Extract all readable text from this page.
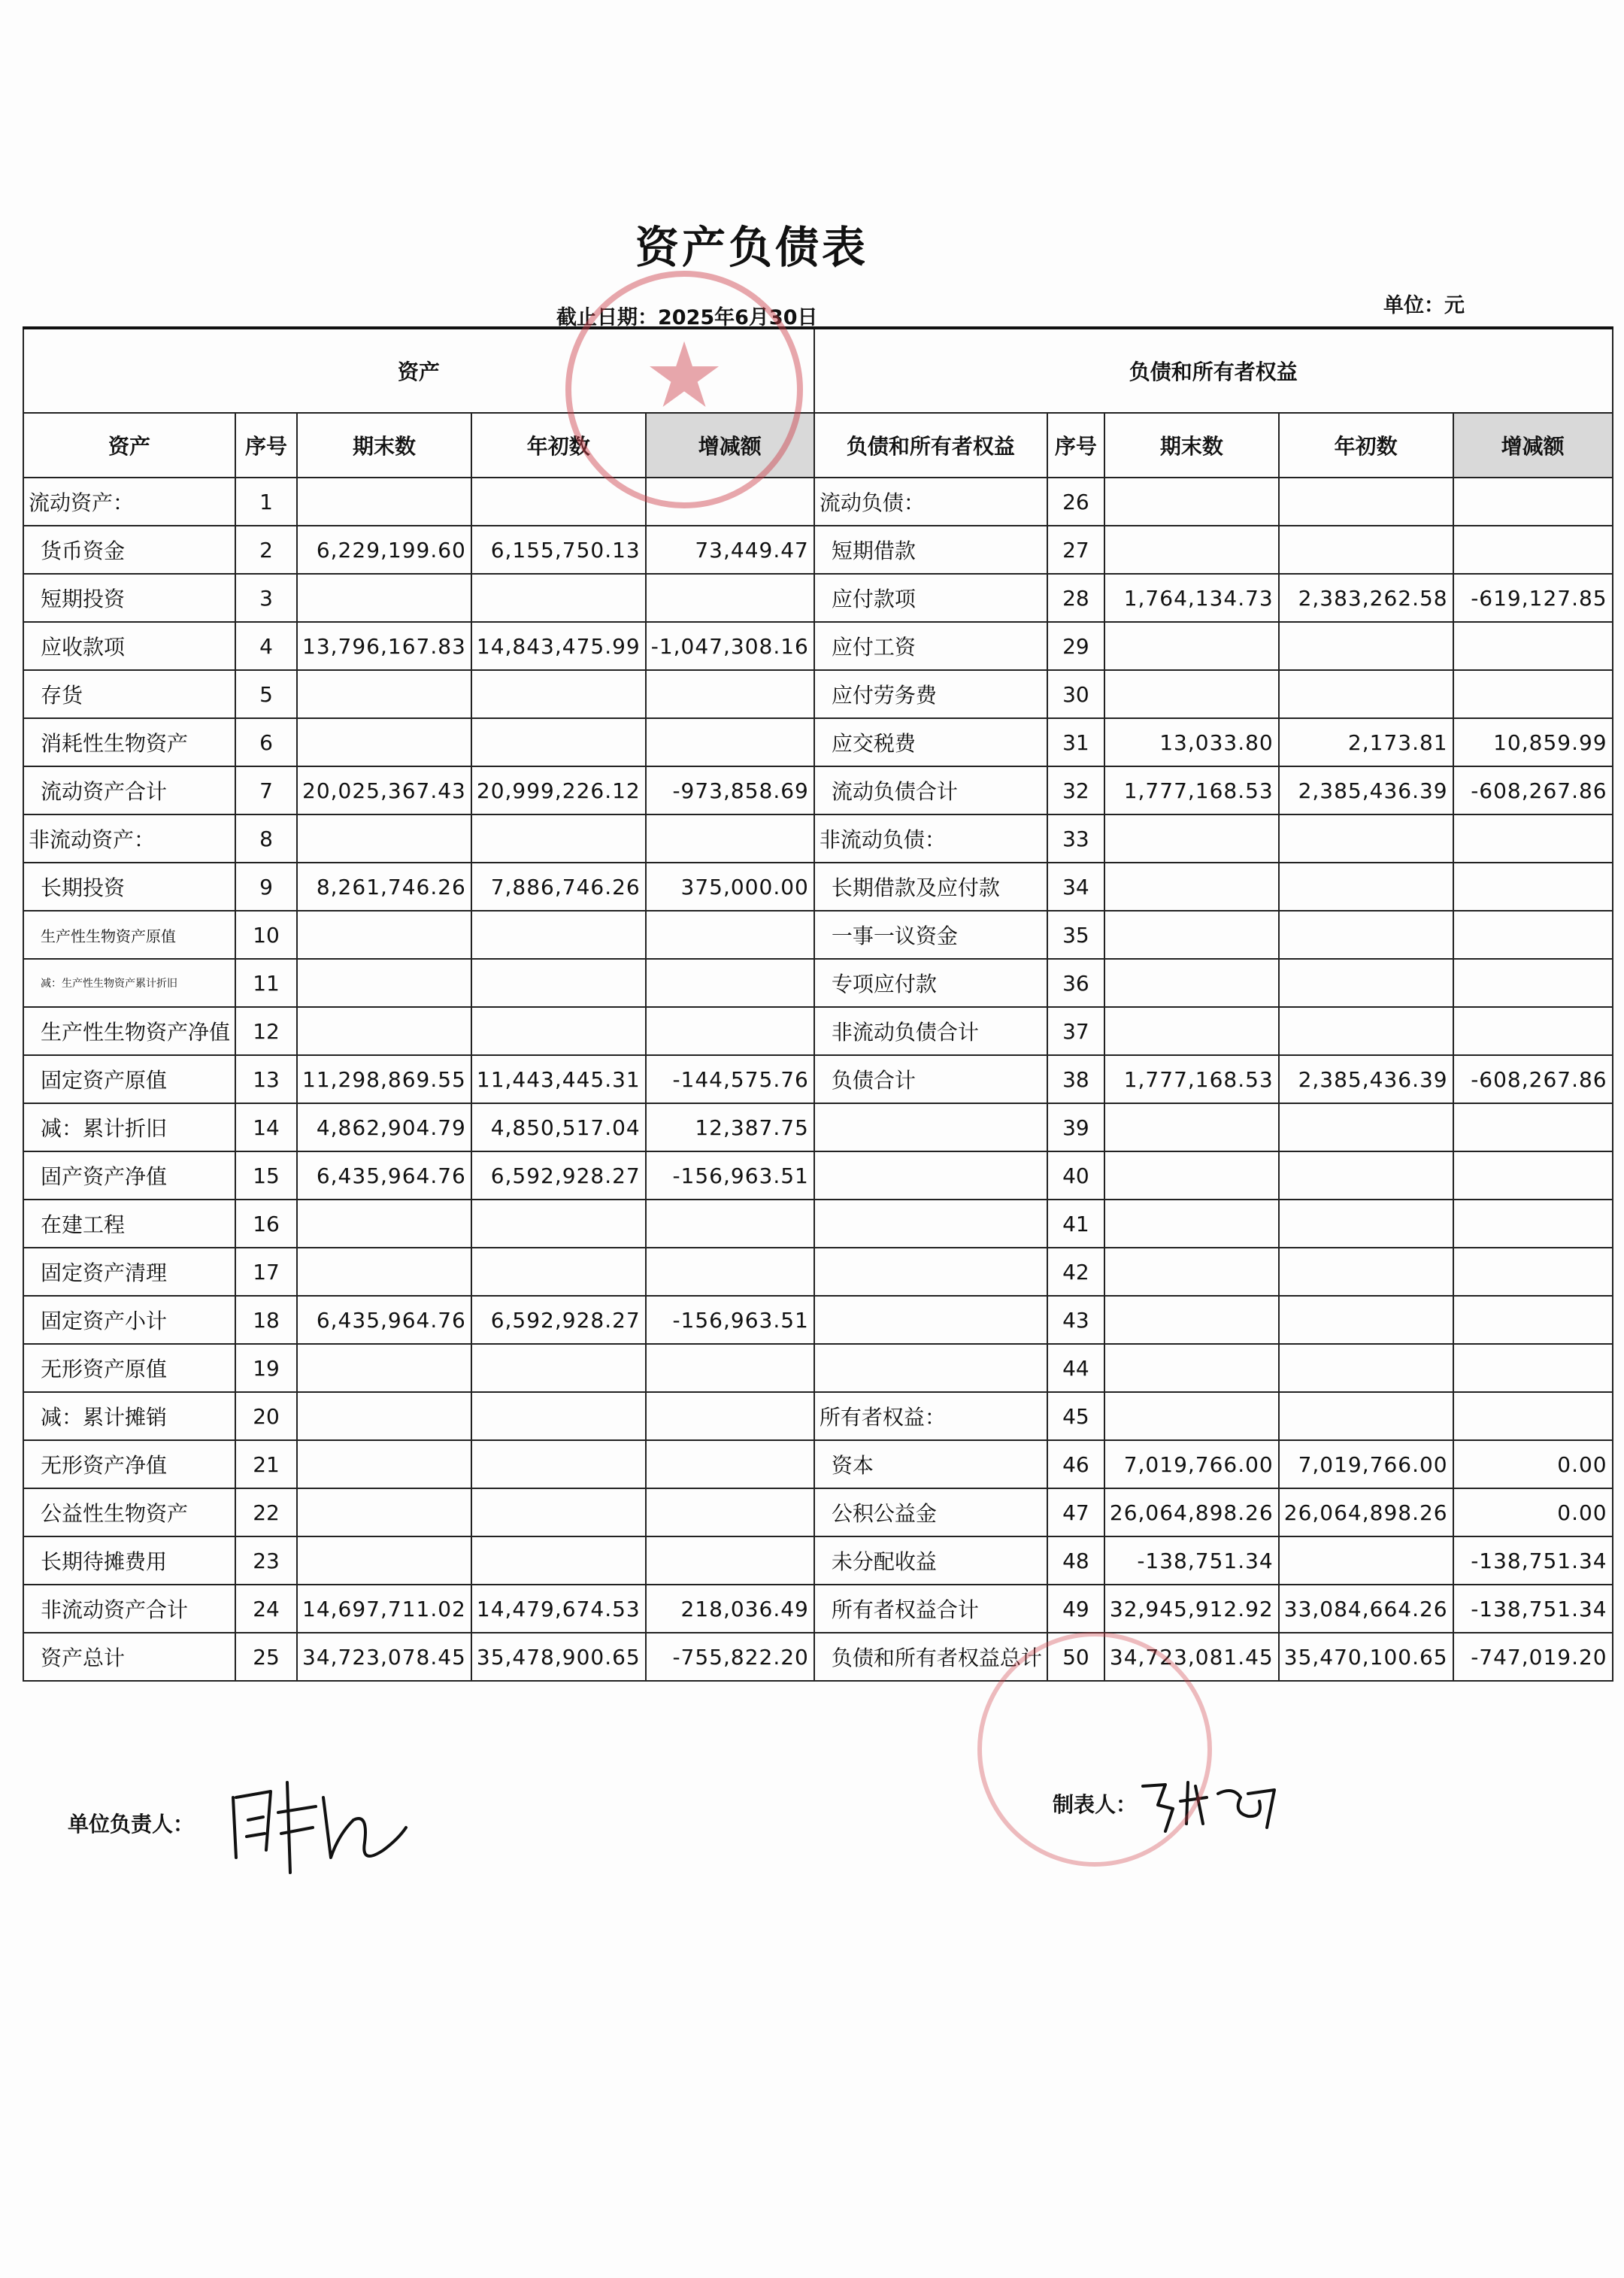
资产负债表
截止日期：2025年6月30日
单位：元
资产					负债和所有者权益				
资产	序号	期末数	年初数	增减额	负债和所有者权益	序号	期末数	年初数	增减额
流动资产：	1				流动负债：	26			
货币资金	2	6,229,199.60	6,155,750.13	73,449.47	短期借款	27			
短期投资	3				应付款项	28	1,764,134.73	2,383,262.58	-619,127.85
应收款项	4	13,796,167.83	14,843,475.99	-1,047,308.16	应付工资	29			
存货	5				应付劳务费	30			
消耗性生物资产	6				应交税费	31	13,033.80	2,173.81	10,859.99
流动资产合计	7	20,025,367.43	20,999,226.12	-973,858.69	流动负债合计	32	1,777,168.53	2,385,436.39	-608,267.86
非流动资产：	8				非流动负债：	33			
长期投资	9	8,261,746.26	7,886,746.26	375,000.00	长期借款及应付款	34			
生产性生物资产原值	10				一事一议资金	35			
减：生产性生物资产累计折旧	11				专项应付款	36			
生产性生物资产净值	12				非流动负债合计	37			
固定资产原值	13	11,298,869.55	11,443,445.31	-144,575.76	负债合计	38	1,777,168.53	2,385,436.39	-608,267.86
减：累计折旧	14	4,862,904.79	4,850,517.04	12,387.75		39			
固产资产净值	15	6,435,964.76	6,592,928.27	-156,963.51		40			
在建工程	16					41			
固定资产清理	17					42			
固定资产小计	18	6,435,964.76	6,592,928.27	-156,963.51		43			
无形资产原值	19					44			
减：累计摊销	20				所有者权益：	45			
无形资产净值	21				资本	46	7,019,766.00	7,019,766.00	0.00
公益性生物资产	22				公积公益金	47	26,064,898.26	26,064,898.26	0.00
长期待摊费用	23				未分配收益	48	-138,751.34		-138,751.34
非流动资产合计	24	14,697,711.02	14,479,674.53	218,036.49	所有者权益合计	49	32,945,912.92	33,084,664.26	-138,751.34
资产总计	25	34,723,078.45	35,478,900.65	-755,822.20	负债和所有者权益总计	50	34,723,081.45	35,470,100.65	-747,019.20
单位负责人：
制表人：
★
